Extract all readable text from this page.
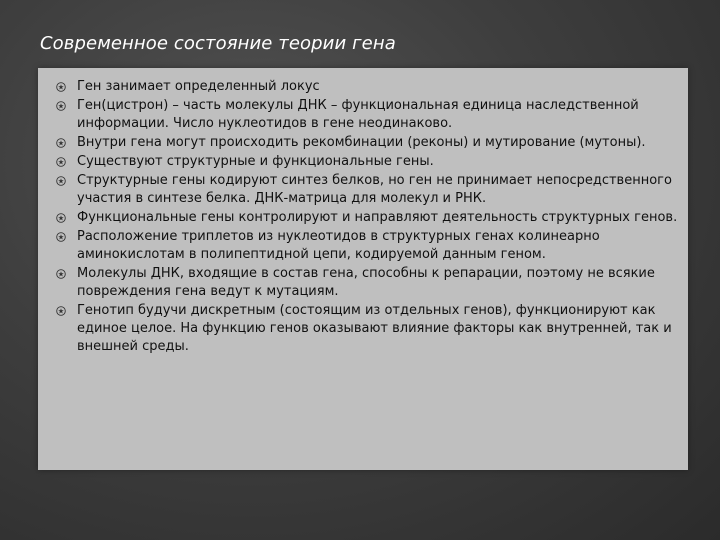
Современное состояние теории гена
Ген занимает определенный локус
Ген(цистрон) – часть молекулы ДНК – функциональная единица наследственной информации. Число нуклеотидов в гене неодинаково.
Внутри гена могут происходить рекомбинации (реконы) и мутирование (мутоны).
Существуют структурные и функциональные гены.
Структурные гены кодируют синтез белков, но ген не принимает непосредственного участия в синтезе белка. ДНК-матрица для молекул и РНК.
Функциональные гены контролируют и направляют деятельность структурных генов.
Расположение триплетов из нуклеотидов в структурных генах колинеарно аминокислотам в полипептидной цепи, кодируемой данным геном.
Молекулы ДНК, входящие в состав гена, способны к репарации, поэтому не всякие повреждения гена ведут к мутациям.
Генотип будучи дискретным (состоящим из отдельных генов), функционируют как единое целое. На функцию генов оказывают влияние факторы как внутренней, так и внешней среды.
